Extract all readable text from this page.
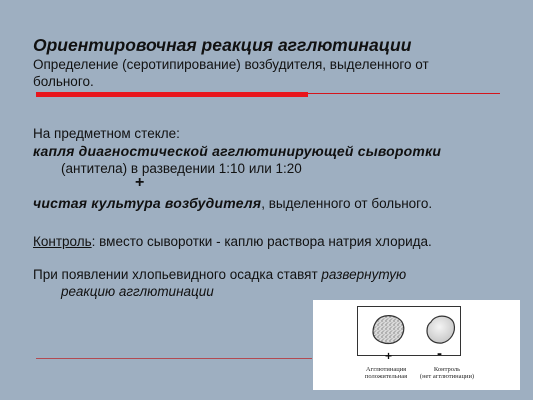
Ориентировочная реакция агглютинации
Определение (серотипирование) возбудителя, выделенного от больного.
На предметном стекле:
капля диагностической агглютинирующей сыворотки
(антитела) в разведении 1:10 или 1:20
+
чистая культура возбудителя, выделенного от больного.
Контроль: вместо сыворотки - каплю раствора натрия хлорида.
При появлении хлопьевидного осадка ставят развернутую
реакцию агглютинации
+	-
Агглютинация
положительная
Контроль
(нет агглютинации)
